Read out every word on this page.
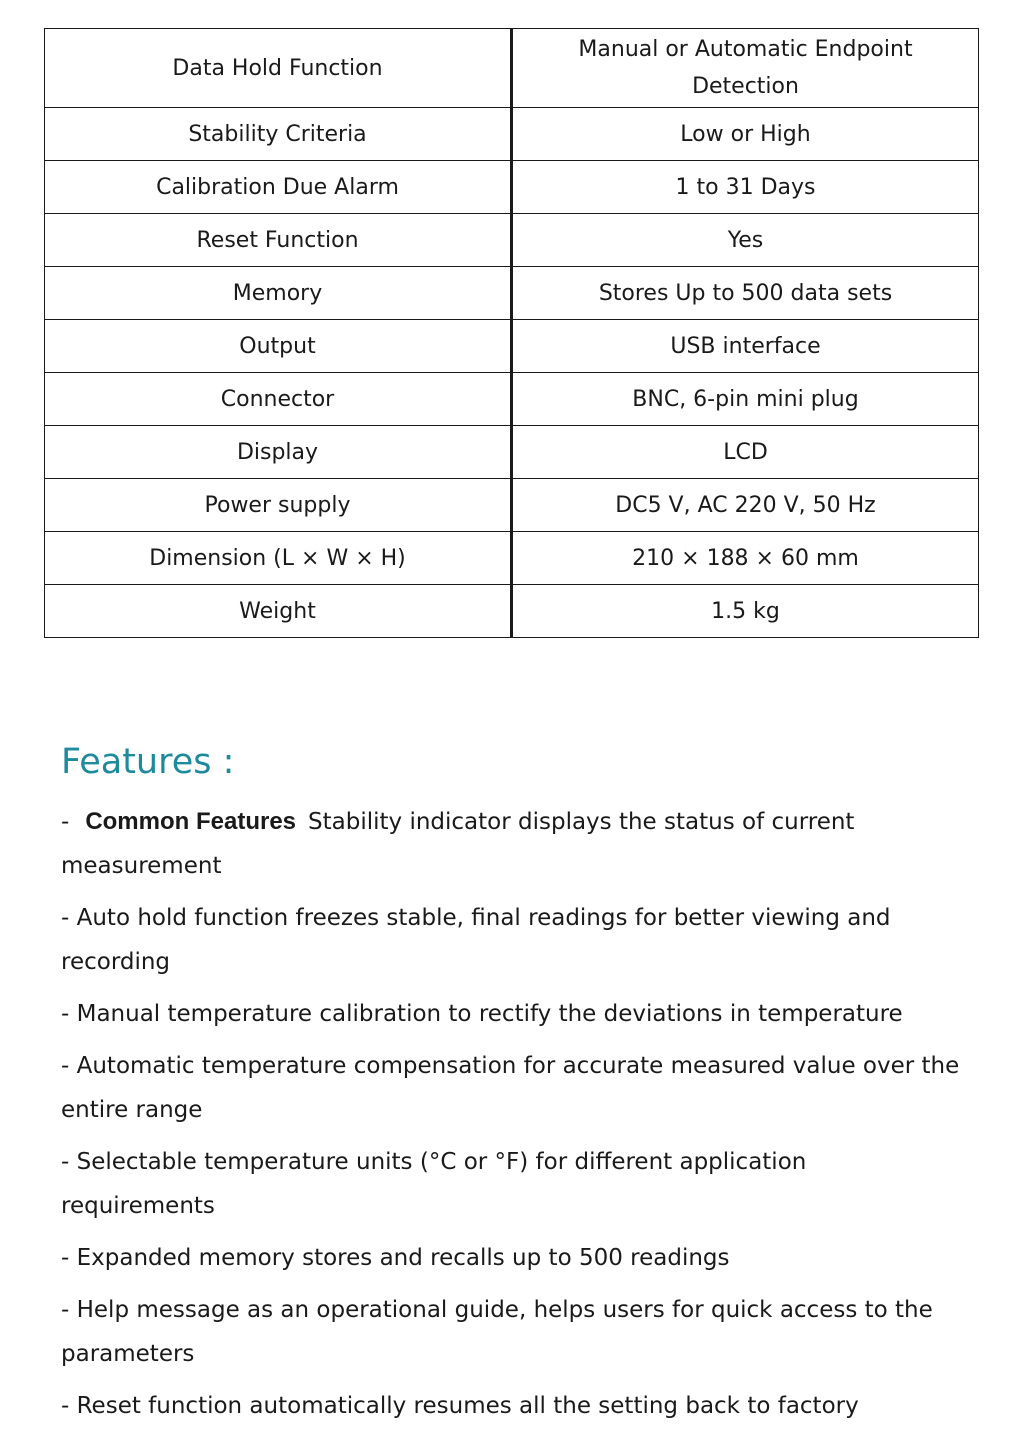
Data Hold Function	Manual or Automatic Endpoint Detection
Stability Criteria	Low or High
Calibration Due Alarm	1 to 31 Days
Reset Function	Yes
Memory	Stores Up to 500 data sets
Output	USB interface
Connector	BNC, 6-pin mini plug
Display	LCD
Power supply	DC5 V, AC 220 V, 50 Hz
Dimension (L × W × H)	210 × 188 × 60 mm
Weight	1.5 kg
Features :

- Common Features Stability indicator displays the status of current measurement

- Auto hold function freezes stable, final readings for better viewing and recording

- Manual temperature calibration to rectify the deviations in temperature

- Automatic temperature compensation for accurate measured value over the entire range

- Selectable temperature units (°C or °F) for different application requirements

- Expanded memory stores and recalls up to 500 readings

- Help message as an operational guide, helps users for quick access to the parameters

- Reset function automatically resumes all the setting back to factory
